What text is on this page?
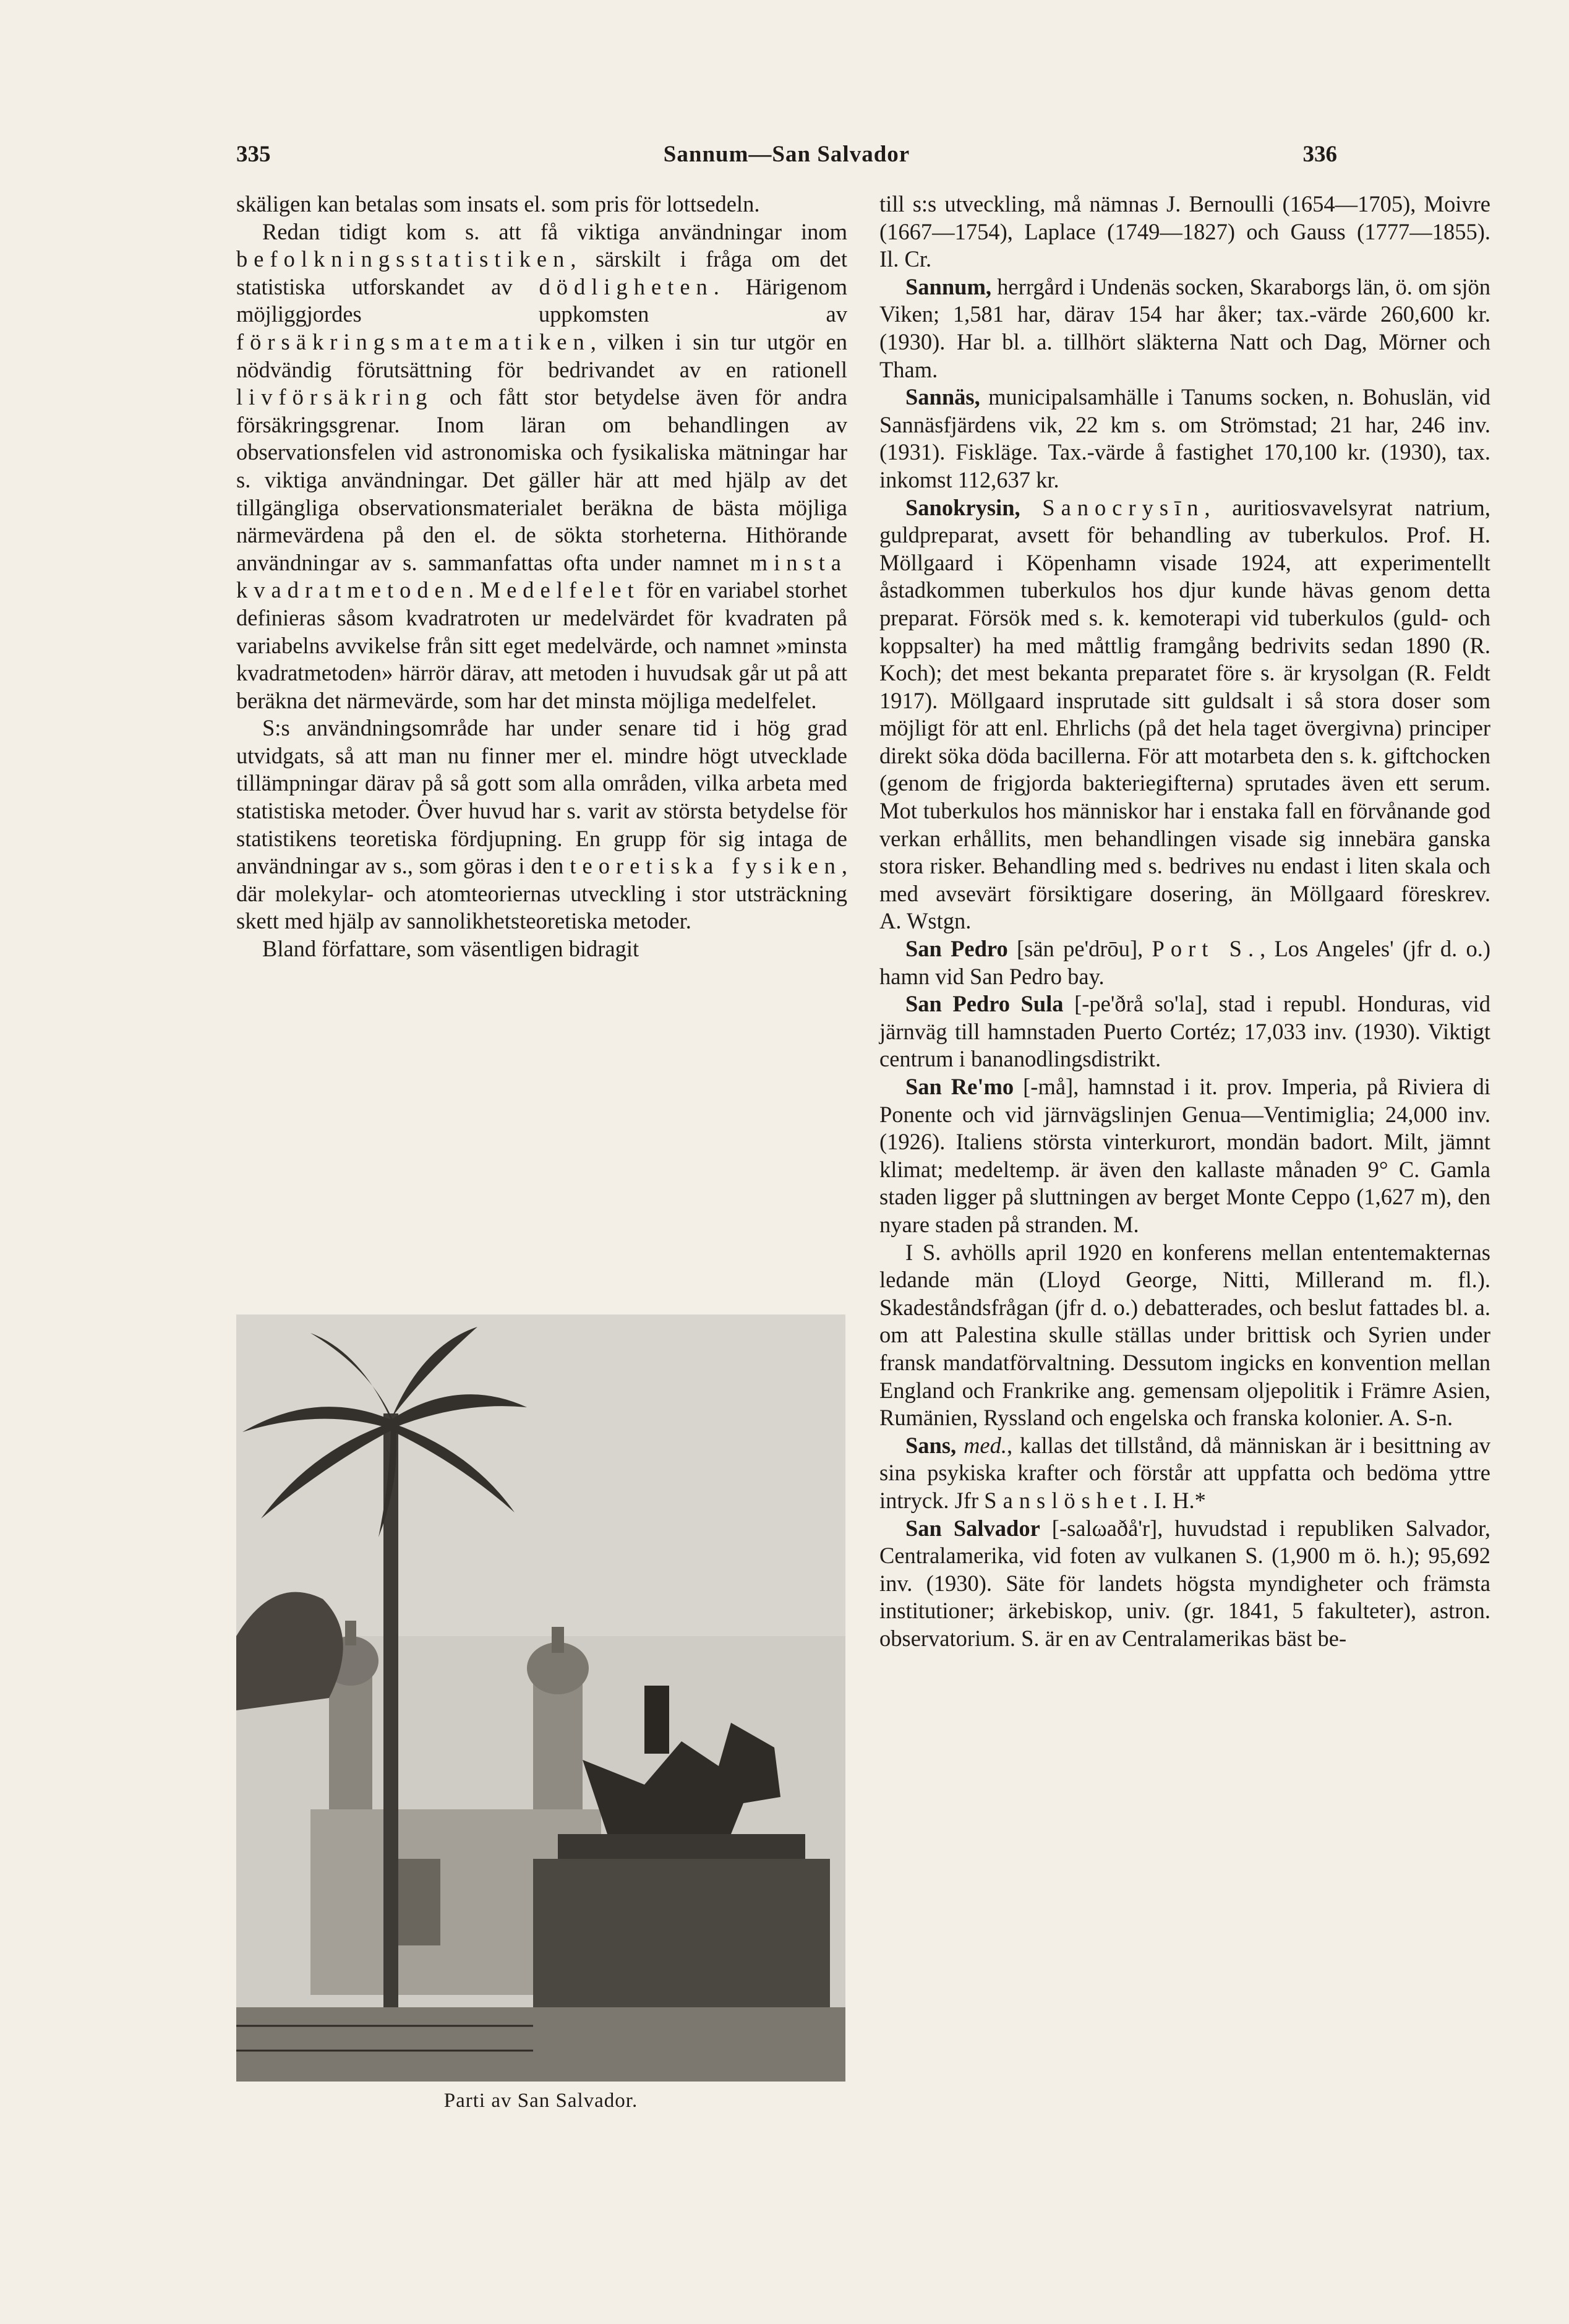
335	Sannum—San Salvador	336

skäligen kan betalas som insats el. som pris för lottsedeln.

Redan tidigt kom s. att få viktiga användningar inom befolkningsstatistiken, särskilt i fråga om det statistiska utforskandet av dödligheten. Härigenom möjliggjordes uppkomsten av försäkringsmatematiken, vilken i sin tur utgör en nödvändig förutsättning för bedrivandet av en rationell livförsäkring och fått stor betydelse även för andra försäkringsgrenar. Inom läran om behandlingen av observationsfelen vid astronomiska och fysikaliska mätningar har s. viktiga användningar. Det gäller här att med hjälp av det tillgängliga observationsmaterialet beräkna de bästa möjliga närmevärdena på den el. de sökta storheterna. Hithörande användningar av s. sammanfattas ofta under namnet minsta kvadratmetoden. Medelfelet för en variabel storhet definieras såsom kvadratroten ur medelvärdet för kvadraten på variabelns avvikelse från sitt eget medelvärde, och namnet »minsta kvadratmetoden» härrör därav, att metoden i huvudsak går ut på att beräkna det närmevärde, som har det minsta möjliga medelfelet.

S:s användningsområde har under senare tid i hög grad utvidgats, så att man nu finner mer el. mindre högt utvecklade tillämpningar därav på så gott som alla områden, vilka arbeta med statistiska metoder. Över huvud har s. varit av största betydelse för statistikens teoretiska fördjupning. En grupp för sig intaga de användningar av s., som göras i den teoretiska fysiken, där molekylar- och atomteoriernas utveckling i stor utsträckning skett med hjälp av sannolikhetsteoretiska metoder.

Bland författare, som väsentligen bidragit

Parti av San Salvador.

till s:s utveckling, må nämnas J. Bernoulli (1654—1705), Moivre (1667—1754), Laplace (1749—1827) och Gauss (1777—1855). Il. Cr.

Sannum, herrgård i Undenäs socken, Skaraborgs län, ö. om sjön Viken; 1,581 har, därav 154 har åker; tax.-värde 260,600 kr. (1930). Har bl. a. tillhört släkterna Natt och Dag, Mörner och Tham.

Sannäs, municipalsamhälle i Tanums socken, n. Bohuslän, vid Sannäsfjärdens vik, 22 km s. om Strömstad; 21 har, 246 inv. (1931). Fiskläge. Tax.-värde å fastighet 170,100 kr. (1930), tax. inkomst 112,637 kr.

Sanokrysin, Sanocrysīn, auritiosvavelsyrat natrium, guldpreparat, avsett för behandling av tuberkulos. Prof. H. Möllgaard i Köpenhamn visade 1924, att experimentellt åstadkommen tuberkulos hos djur kunde hävas genom detta preparat. Försök med s. k. kemoterapi vid tuberkulos (guld- och koppsalter) ha med måttlig framgång bedrivits sedan 1890 (R. Koch); det mest bekanta preparatet före s. är krysolgan (R. Feldt 1917). Möllgaard insprutade sitt guldsalt i så stora doser som möjligt för att enl. Ehrlichs (på det hela taget övergivna) principer direkt söka döda bacillerna. För att motarbeta den s. k. giftchocken (genom de frigjorda bakteriegifterna) sprutades även ett serum. Mot tuberkulos hos människor har i enstaka fall en förvånande god verkan erhållits, men behandlingen visade sig innebära ganska stora risker. Behandling med s. bedrives nu endast i liten skala och med avsevärt försiktigare dosering, än Möllgaard föreskrev. A. Wstgn.

San Pedro [sän pe'drōu], Port S., Los Angeles' (jfr d. o.) hamn vid San Pedro bay.

San Pedro Sula [-pe'ðrå so'la], stad i republ. Honduras, vid järnväg till hamnstaden Puerto Cortéz; 17,033 inv. (1930). Viktigt centrum i bananodlingsdistrikt.

San Re'mo [-må], hamnstad i it. prov. Imperia, på Riviera di Ponente och vid järnvägslinjen Genua—Ventimiglia; 24,000 inv. (1926). Italiens största vinterkurort, mondän badort. Milt, jämnt klimat; medeltemp. är även den kallaste månaden 9° C. Gamla staden ligger på sluttningen av berget Monte Ceppo (1,627 m), den nyare staden på stranden. M.

I S. avhölls april 1920 en konferens mellan ententemakternas ledande män (Lloyd George, Nitti, Millerand m. fl.). Skadeståndsfrågan (jfr d. o.) debatterades, och beslut fattades bl. a. om att Palestina skulle ställas under brittisk och Syrien under fransk mandatförvaltning. Dessutom ingicks en konvention mellan England och Frankrike ang. gemensam oljepolitik i Främre Asien, Rumänien, Ryssland och engelska och franska kolonier. A. S-n.

Sans, med., kallas det tillstånd, då människan är i besittning av sina psykiska krafter och förstår att uppfatta och bedöma yttre intryck. Jfr Sanslöshet. I. H.*

San Salvador [-salωaðå'r], huvudstad i republiken Salvador, Centralamerika, vid foten av vulkanen S. (1,900 m ö. h.); 95,692 inv. (1930). Säte för landets högsta myndigheter och främsta institutioner; ärkebiskop, univ. (gr. 1841, 5 fakulteter), astron. observatorium. S. är en av Centralamerikas bäst be-
